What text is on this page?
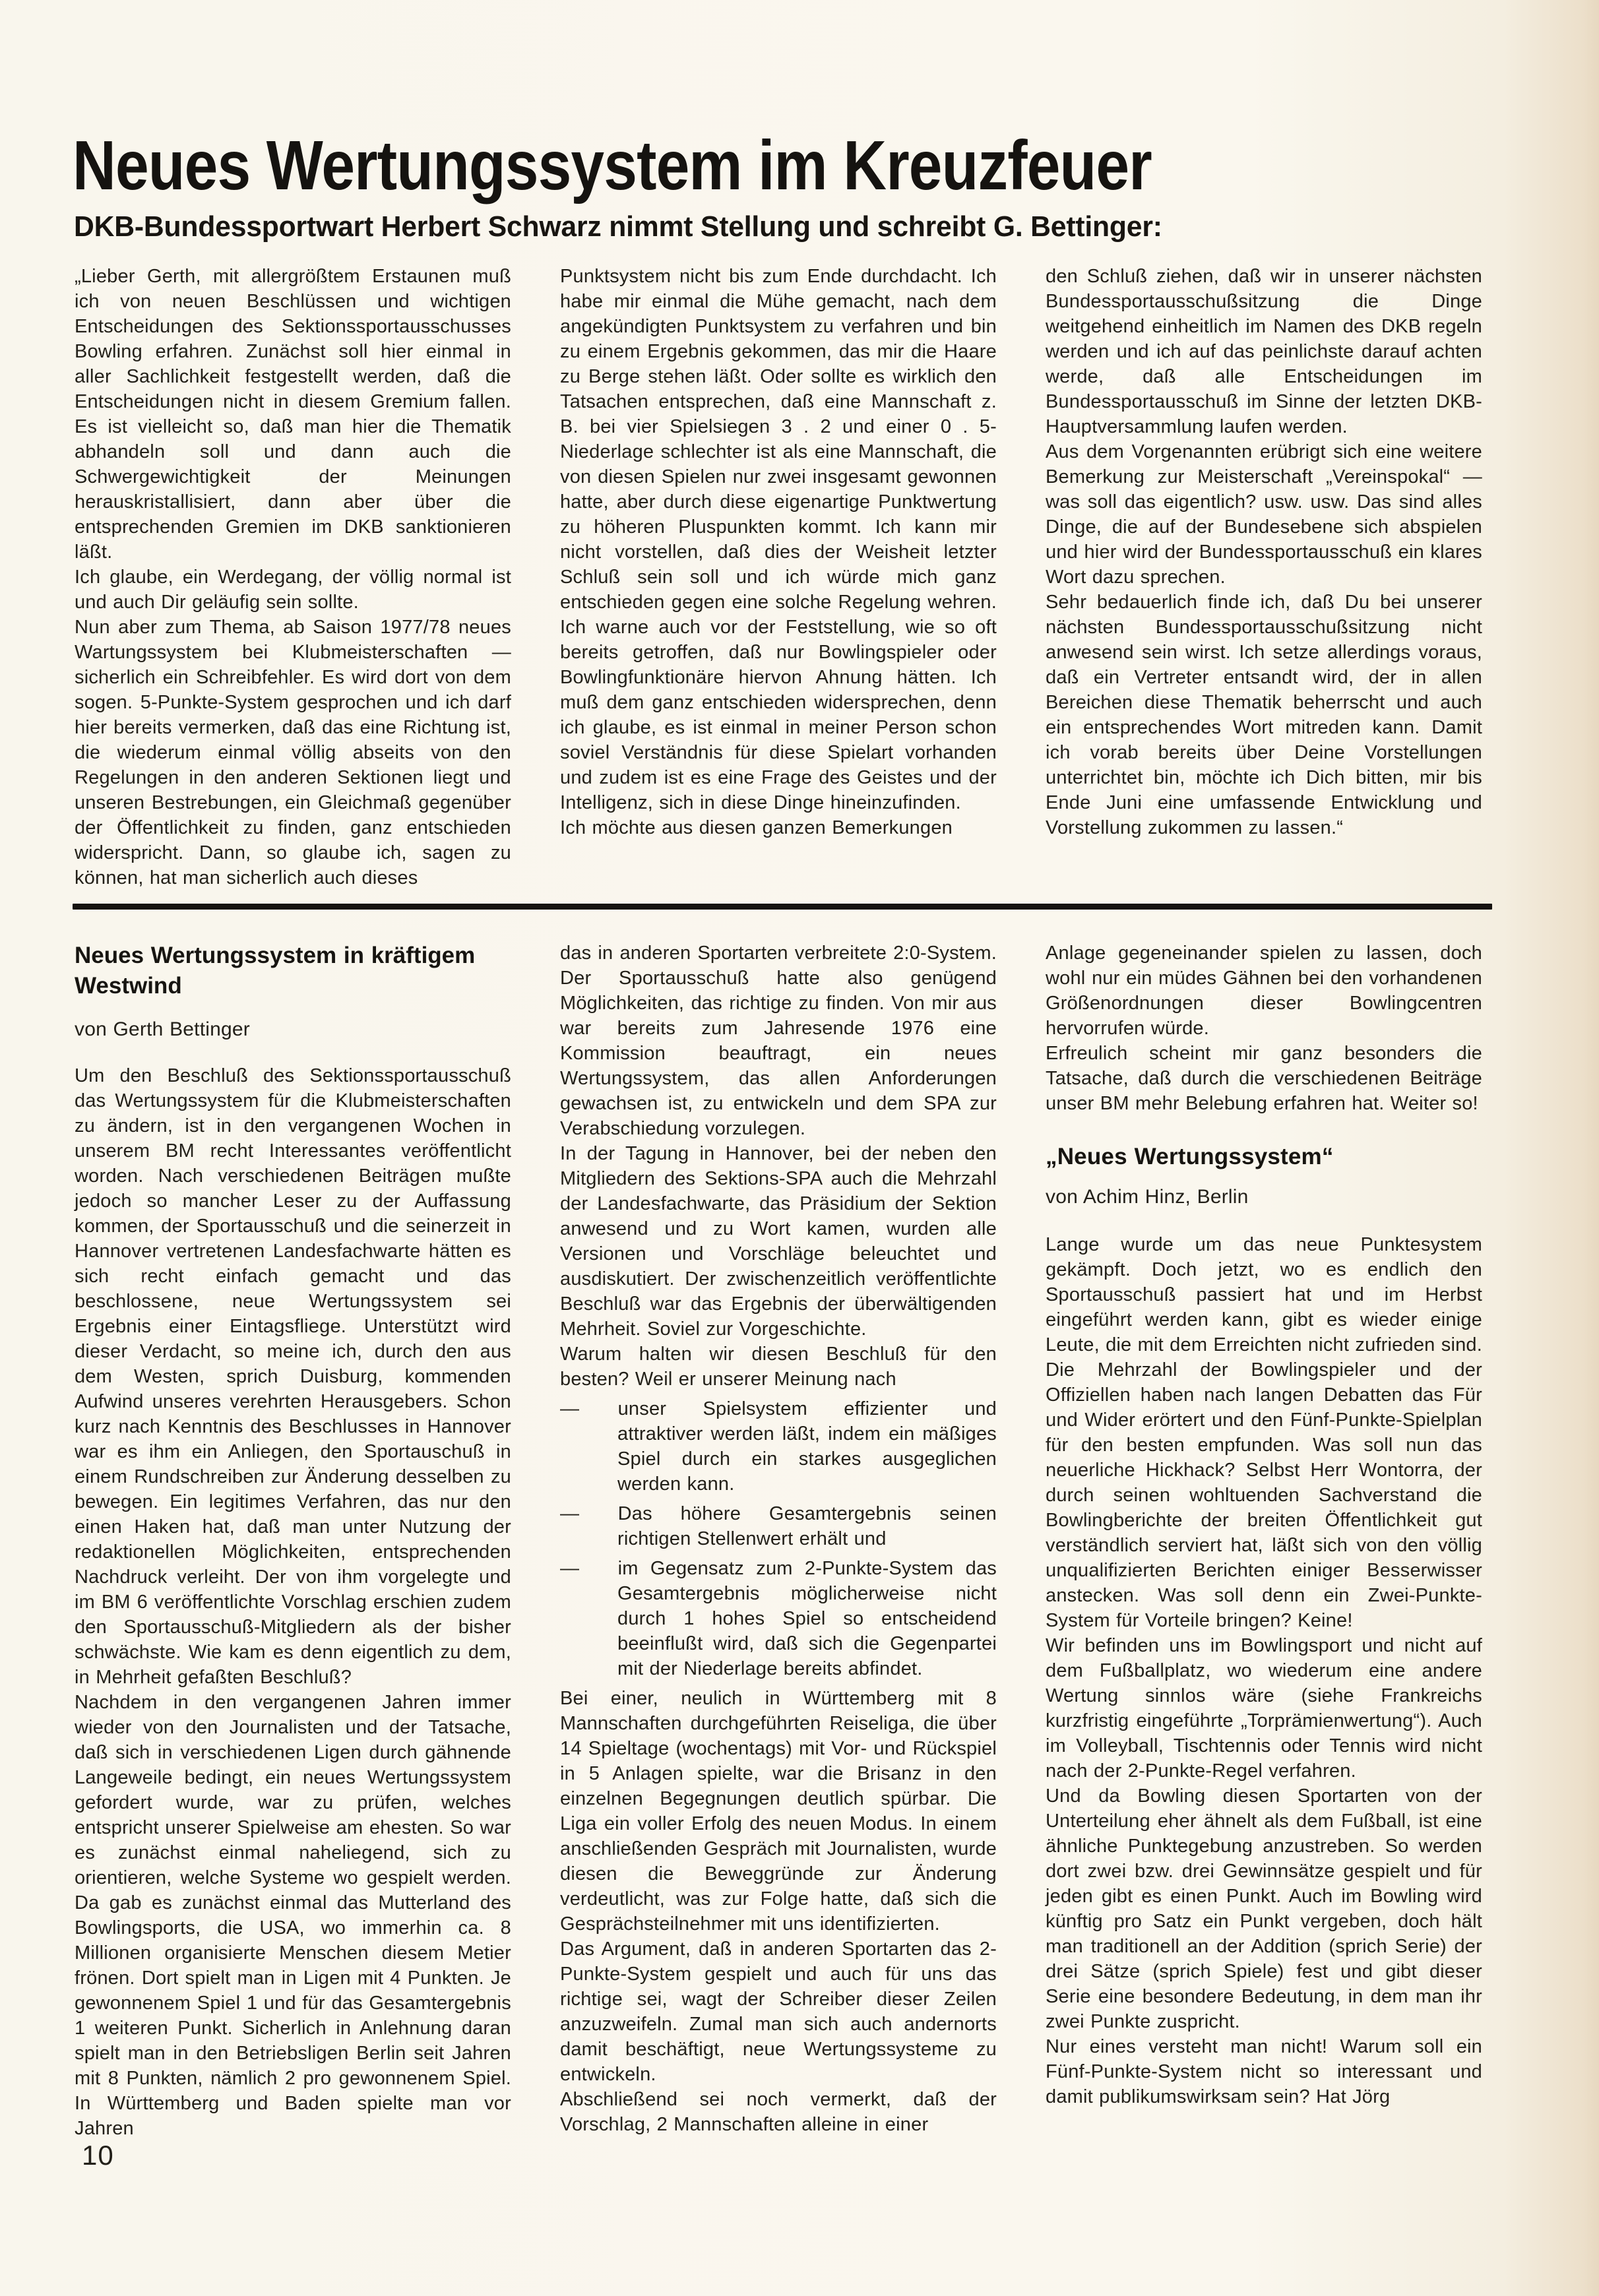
Neues Wertungssystem im Kreuzfeuer
DKB-Bundessportwart Herbert Schwarz nimmt Stellung und schreibt G. Bettinger:

„Lieber Gerth, mit allergrößtem Erstaunen muß ich von neuen Beschlüssen und wichtigen Entscheidungen des Sektionssportausschusses Bowling erfahren. Zunächst soll hier einmal in aller Sachlichkeit festgestellt werden, daß die Entscheidungen nicht in diesem Gremium fallen. Es ist vielleicht so, daß man hier die Thematik abhandeln soll und dann auch die Schwergewichtigkeit der Meinungen herauskristallisiert, dann aber über die entsprechenden Gremien im DKB sanktionieren läßt.

Ich glaube, ein Werdegang, der völlig normal ist und auch Dir geläufig sein sollte.

Nun aber zum Thema, ab Saison 1977/78 neues Wartungssystem bei Klubmeisterschaften — sicherlich ein Schreibfehler. Es wird dort von dem sogen. 5-Punkte-System gesprochen und ich darf hier bereits vermerken, daß das eine Richtung ist, die wiederum einmal völlig abseits von den Regelungen in den anderen Sektionen liegt und unseren Bestrebungen, ein Gleichmaß gegenüber der Öffentlichkeit zu finden, ganz entschieden widerspricht. Dann, so glaube ich, sagen zu können, hat man sicherlich auch dieses

Punktsystem nicht bis zum Ende durchdacht. Ich habe mir einmal die Mühe gemacht, nach dem angekündigten Punktsystem zu verfahren und bin zu einem Ergebnis gekommen, das mir die Haare zu Berge stehen läßt. Oder sollte es wirklich den Tatsachen entsprechen, daß eine Mannschaft z. B. bei vier Spielsiegen 3 . 2 und einer 0 . 5-Niederlage schlechter ist als eine Mannschaft, die von diesen Spielen nur zwei insgesamt gewonnen hatte, aber durch diese eigenartige Punktwertung zu höheren Pluspunkten kommt. Ich kann mir nicht vorstellen, daß dies der Weisheit letzter Schluß sein soll und ich würde mich ganz entschieden gegen eine solche Regelung wehren. Ich warne auch vor der Feststellung, wie so oft bereits getroffen, daß nur Bowlingspieler oder Bowlingfunktionäre hiervon Ahnung hätten. Ich muß dem ganz entschieden widersprechen, denn ich glaube, es ist einmal in meiner Person schon soviel Verständnis für diese Spielart vorhanden und zudem ist es eine Frage des Geistes und der Intelligenz, sich in diese Dinge hineinzufinden.

Ich möchte aus diesen ganzen Bemerkungen

den Schluß ziehen, daß wir in unserer nächsten Bundessportausschußsitzung die Dinge weitgehend einheitlich im Namen des DKB regeln werden und ich auf das peinlichste darauf achten werde, daß alle Entscheidungen im Bundessportausschuß im Sinne der letzten DKB-Hauptversammlung laufen werden.

Aus dem Vorgenannten erübrigt sich eine weitere Bemerkung zur Meisterschaft „Vereinspokal“ — was soll das eigentlich? usw. usw. Das sind alles Dinge, die auf der Bundesebene sich abspielen und hier wird der Bundessportausschuß ein klares Wort dazu sprechen.

Sehr bedauerlich finde ich, daß Du bei unserer nächsten Bundessportausschußsitzung nicht anwesend sein wirst. Ich setze allerdings voraus, daß ein Vertreter entsandt wird, der in allen Bereichen diese Thematik beherrscht und auch ein entsprechendes Wort mitreden kann. Damit ich vorab bereits über Deine Vorstellungen unterrichtet bin, möchte ich Dich bitten, mir bis Ende Juni eine umfassende Entwicklung und Vorstellung zukommen zu lassen.“

Neues Wertungssystem in kräftigem Westwind
von Gerth Bettinger

Um den Beschluß des Sektionssportausschuß das Wertungssystem für die Klubmeisterschaften zu ändern, ist in den vergangenen Wochen in unserem BM recht Interessantes veröffentlicht worden. Nach verschiedenen Beiträgen mußte jedoch so mancher Leser zu der Auffassung kommen, der Sportausschuß und die seinerzeit in Hannover vertretenen Landesfachwarte hätten es sich recht einfach gemacht und das beschlossene, neue Wertungssystem sei Ergebnis einer Eintagsfliege. Unterstützt wird dieser Verdacht, so meine ich, durch den aus dem Westen, sprich Duisburg, kommenden Aufwind unseres verehrten Herausgebers. Schon kurz nach Kenntnis des Beschlusses in Hannover war es ihm ein Anliegen, den Sportauschuß in einem Rundschreiben zur Änderung desselben zu bewegen. Ein legitimes Verfahren, das nur den einen Haken hat, daß man unter Nutzung der redaktionellen Möglichkeiten, entsprechenden Nachdruck verleiht. Der von ihm vorgelegte und im BM 6 veröffentlichte Vorschlag erschien zudem den Sportausschuß-Mitgliedern als der bisher schwächste. Wie kam es denn eigentlich zu dem, in Mehrheit gefaßten Beschluß?

Nachdem in den vergangenen Jahren immer wieder von den Journalisten und der Tatsache, daß sich in verschiedenen Ligen durch gähnende Langeweile bedingt, ein neues Wertungssystem gefordert wurde, war zu prüfen, welches entspricht unserer Spielweise am ehesten. So war es zunächst einmal naheliegend, sich zu orientieren, welche Systeme wo gespielt werden. Da gab es zunächst einmal das Mutterland des Bowlingsports, die USA, wo immerhin ca. 8 Millionen organisierte Menschen diesem Metier frönen. Dort spielt man in Ligen mit 4 Punkten. Je gewonnenem Spiel 1 und für das Gesamtergebnis 1 weiteren Punkt. Sicherlich in Anlehnung daran spielt man in den Betriebsligen Berlin seit Jahren mit 8 Punkten, nämlich 2 pro gewonnenem Spiel. In Württemberg und Baden spielte man vor Jahren

das in anderen Sportarten verbreitete 2:0-System. Der Sportausschuß hatte also genügend Möglichkeiten, das richtige zu finden. Von mir aus war bereits zum Jahresende 1976 eine Kommission beauftragt, ein neues Wertungssystem, das allen Anforderungen gewachsen ist, zu entwickeln und dem SPA zur Verabschiedung vorzulegen.

In der Tagung in Hannover, bei der neben den Mitgliedern des Sektions-SPA auch die Mehrzahl der Landesfachwarte, das Präsidium der Sektion anwesend und zu Wort kamen, wurden alle Versionen und Vorschläge beleuchtet und ausdiskutiert. Der zwischenzeitlich veröffentlichte Beschluß war das Ergebnis der überwältigenden Mehrheit. Soviel zur Vorgeschichte.

Warum halten wir diesen Beschluß für den besten? Weil er unserer Meinung nach

—  unser Spielsystem effizienter und attraktiver werden läßt, indem ein mäßiges Spiel durch ein starkes ausgeglichen werden kann.

—  Das höhere Gesamtergebnis seinen richtigen Stellenwert erhält und

—  im Gegensatz zum 2-Punkte-System das Gesamtergebnis möglicherweise nicht durch 1 hohes Spiel so entscheidend beeinflußt wird, daß sich die Gegenpartei mit der Niederlage bereits abfindet.

Bei einer, neulich in Württemberg mit 8 Mannschaften durchgeführten Reiseliga, die über 14 Spieltage (wochentags) mit Vor- und Rückspiel in 5 Anlagen spielte, war die Brisanz in den einzelnen Begegnungen deutlich spürbar. Die Liga ein voller Erfolg des neuen Modus. In einem anschließenden Gespräch mit Journalisten, wurde diesen die Beweggründe zur Änderung verdeutlicht, was zur Folge hatte, daß sich die Gesprächsteilnehmer mit uns identifizierten.

Das Argument, daß in anderen Sportarten das 2-Punkte-System gespielt und auch für uns das richtige sei, wagt der Schreiber dieser Zeilen anzuzweifeln. Zumal man sich auch andernorts damit beschäftigt, neue Wertungssysteme zu entwickeln.

Abschließend sei noch vermerkt, daß der Vorschlag, 2 Mannschaften alleine in einer

Anlage gegeneinander spielen zu lassen, doch wohl nur ein müdes Gähnen bei den vorhandenen Größenordnungen dieser Bowlingcentren hervorrufen würde.

Erfreulich scheint mir ganz besonders die Tatsache, daß durch die verschiedenen Beiträge unser BM mehr Belebung erfahren hat. Weiter so!

„Neues Wertungssystem“
von Achim Hinz, Berlin

Lange wurde um das neue Punktesystem gekämpft. Doch jetzt, wo es endlich den Sportausschuß passiert hat und im Herbst eingeführt werden kann, gibt es wieder einige Leute, die mit dem Erreichten nicht zufrieden sind. Die Mehrzahl der Bowlingspieler und der Offiziellen haben nach langen Debatten das Für und Wider erörtert und den Fünf-Punkte-Spielplan für den besten empfunden. Was soll nun das neuerliche Hickhack? Selbst Herr Wontorra, der durch seinen wohltuenden Sachverstand die Bowlingberichte der breiten Öffentlichkeit gut verständlich serviert hat, läßt sich von den völlig unqualifizierten Berichten einiger Besserwisser anstecken. Was soll denn ein Zwei-Punkte-System für Vorteile bringen? Keine!

Wir befinden uns im Bowlingsport und nicht auf dem Fußballplatz, wo wiederum eine andere Wertung sinnlos wäre (siehe Frankreichs kurzfristig eingeführte „Torprämienwertung“). Auch im Volleyball, Tischtennis oder Tennis wird nicht nach der 2-Punkte-Regel verfahren.

Und da Bowling diesen Sportarten von der Unterteilung eher ähnelt als dem Fußball, ist eine ähnliche Punktegebung anzustreben. So werden dort zwei bzw. drei Gewinnsätze gespielt und für jeden gibt es einen Punkt. Auch im Bowling wird künftig pro Satz ein Punkt vergeben, doch hält man traditionell an der Addition (sprich Serie) der drei Sätze (sprich Spiele) fest und gibt dieser Serie eine besondere Bedeutung, in dem man ihr zwei Punkte zuspricht.

Nur eines versteht man nicht! Warum soll ein Fünf-Punkte-System nicht so interessant und damit publikumswirksam sein? Hat Jörg

10
